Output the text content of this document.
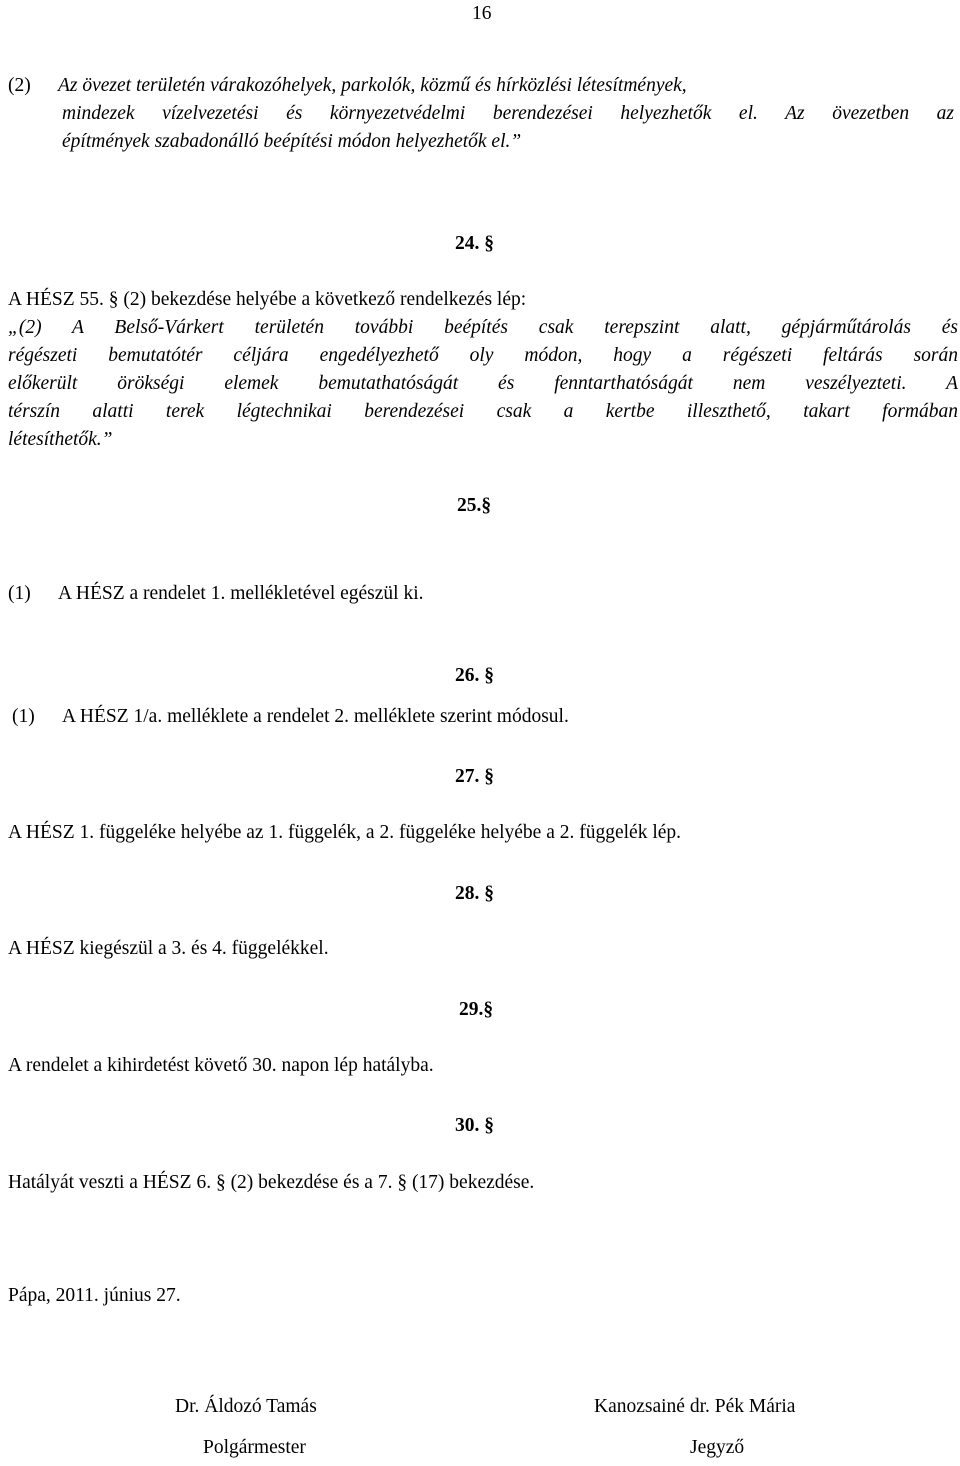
16
(2) Az övezet területén várakozóhelyek, parkolók, közmű és hírközlési létesítmények,
mindezek vízelvezetési és környezetvédelmi berendezései helyezhetők el. Az övezetben az
építmények szabadonálló beépítési módon helyezhetők el.”
24. §
A HÉSZ 55. § (2) bekezdése helyébe a következő rendelkezés lép:
„(2) A Belső-Várkert területén további beépítés csak terepszint alatt, gépjárműtárolás és
régészeti bemutatótér céljára engedélyezhető oly módon, hogy a régészeti feltárás során
előkerült örökségi elemek bemutathatóságát és fenntarthatóságát nem veszélyezteti. A
térszín alatti terek légtechnikai berendezései csak a kertbe illeszthető, takart formában
létesíthetők.”
25.§
(1) A HÉSZ a rendelet 1. mellékletével egészül ki.
26. §
(1) A HÉSZ 1/a. melléklete a rendelet 2. melléklete szerint módosul.
27. §
A HÉSZ 1. függeléke helyébe az 1. függelék, a 2. függeléke helyébe a 2. függelék lép.
28. §
A HÉSZ kiegészül a 3. és 4. függelékkel.
29.§
A rendelet a kihirdetést követő 30. napon lép hatályba.
30. §
Hatályát veszti a HÉSZ 6. § (2) bekezdése és a 7. § (17) bekezdése.
Pápa, 2011. június 27.
Dr. Áldozó Tamás
Polgármester
Kanozsainé dr. Pék Mária
Jegyző
